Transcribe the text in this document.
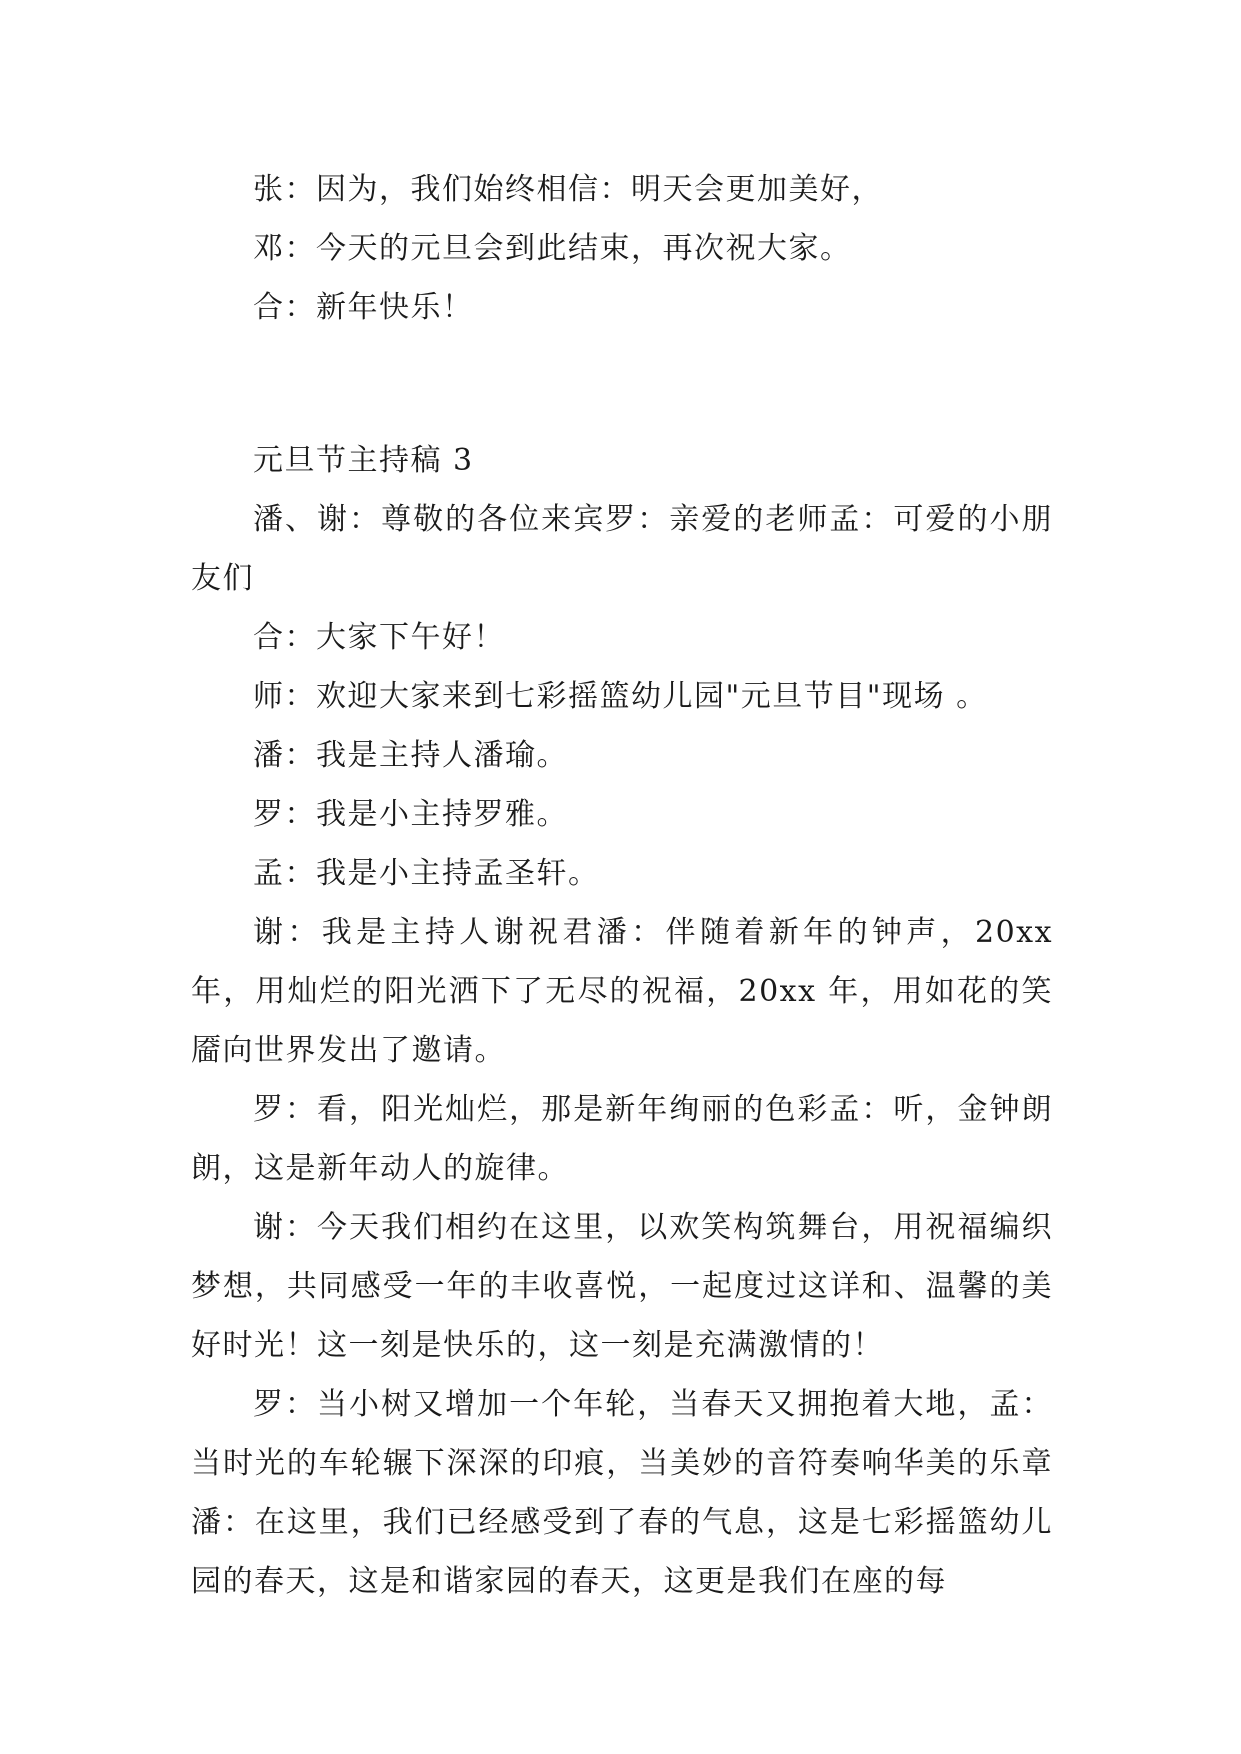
张：因为，我们始终相信：明天会更加美好，

邓：今天的元旦会到此结束，再次祝大家。

合：新年快乐！

元旦节主持稿 3

潘、谢：尊敬的各位来宾罗：亲爱的老师孟：可爱的小朋友们

合：大家下午好！

师：欢迎大家来到七彩摇篮幼儿园"元旦节目"现场 。

潘：我是主持人潘瑜。

罗：我是小主持罗雅。

孟：我是小主持孟圣轩。

谢：我是主持人谢祝君潘：伴随着新年的钟声，20xx 年，用灿烂的阳光洒下了无尽的祝福，20xx 年，用如花的笑靥向世界发出了邀请。

罗：看，阳光灿烂，那是新年绚丽的色彩孟：听，金钟朗朗，这是新年动人的旋律。

谢：今天我们相约在这里，以欢笑构筑舞台，用祝福编织梦想，共同感受一年的丰收喜悦，一起度过这详和、温馨的美好时光！这一刻是快乐的，这一刻是充满激情的！

罗：当小树又增加一个年轮，当春天又拥抱着大地，孟：当时光的车轮辗下深深的印痕，当美妙的音符奏响华美的乐章潘：在这里，我们已经感受到了春的气息，这是七彩摇篮幼儿园的春天，这是和谐家园的春天，这更是我们在座的每
